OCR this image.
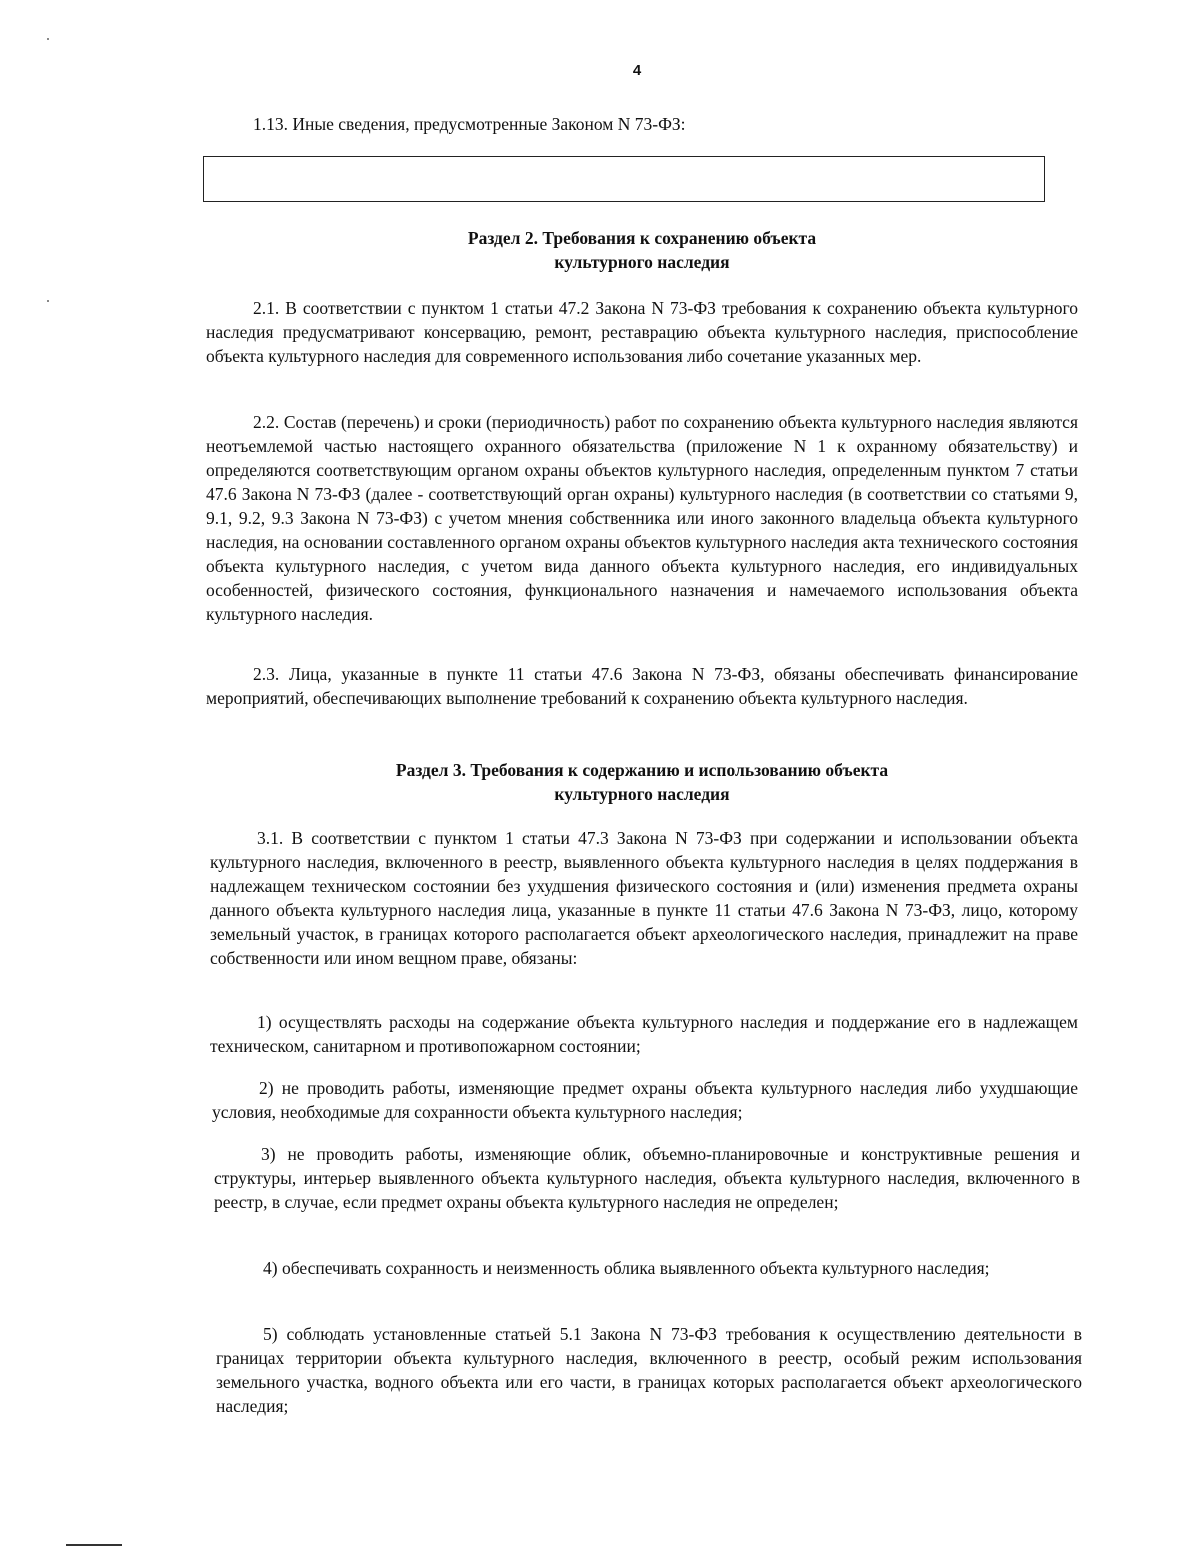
4
1.13. Иные сведения, предусмотренные Законом N 73-ФЗ:
Раздел 2. Требования к сохранению объекта
культурного наследия
2.1. В соответствии с пунктом 1 статьи 47.2 Закона N 73-ФЗ требования к сохранению объекта культурного наследия предусматривают консервацию, ремонт, реставрацию объекта культурного наследия, приспособление объекта культурного наследия для современного использования либо сочетание указанных мер.
2.2. Состав (перечень) и сроки (периодичность) работ по сохранению объекта культурного наследия являются неотъемлемой частью настоящего охранного обязательства (приложение N 1 к охранному обязательству) и определяются соответствующим органом охраны объектов культурного наследия, определенным пунктом 7 статьи 47.6 Закона N 73-ФЗ (далее - соответствующий орган охраны) культурного наследия (в соответствии со статьями 9, 9.1, 9.2, 9.3 Закона N 73-ФЗ) с учетом мнения собственника или иного законного владельца объекта культурного наследия, на основании составленного органом охраны объектов культурного наследия акта технического состояния объекта культурного наследия, с учетом вида данного объекта культурного наследия, его индивидуальных особенностей, физического состояния, функционального назначения и намечаемого использования объекта культурного наследия.
2.3. Лица, указанные в пункте 11 статьи 47.6 Закона N 73-ФЗ, обязаны обеспечивать финансирование мероприятий, обеспечивающих выполнение требований к сохранению объекта культурного наследия.
Раздел 3. Требования к содержанию и использованию объекта
культурного наследия
3.1. В соответствии с пунктом 1 статьи 47.3 Закона N 73-ФЗ при содержании и использовании объекта культурного наследия, включенного в реестр, выявленного объекта культурного наследия в целях поддержания в надлежащем техническом состоянии без ухудшения физического состояния и (или) изменения предмета охраны данного объекта культурного наследия лица, указанные в пункте 11 статьи 47.6 Закона N 73-ФЗ, лицо, которому земельный участок, в границах которого располагается объект археологического наследия, принадлежит на праве собственности или ином вещном праве, обязаны:
1) осуществлять расходы на содержание объекта культурного наследия и поддержание его в надлежащем техническом, санитарном и противопожарном состоянии;
2) не проводить работы, изменяющие предмет охраны объекта культурного наследия либо ухудшающие условия, необходимые для сохранности объекта культурного наследия;
3) не проводить работы, изменяющие облик, объемно-планировочные и конструктивные решения и структуры, интерьер выявленного объекта культурного наследия, объекта культурного наследия, включенного в реестр, в случае, если предмет охраны объекта культурного наследия не определен;
4) обеспечивать сохранность и неизменность облика выявленного объекта культурного наследия;
5) соблюдать установленные статьей 5.1 Закона N 73-ФЗ требования к осуществлению деятельности в границах территории объекта культурного наследия, включенного в реестр, особый режим использования земельного участка, водного объекта или его части, в границах которых располагается объект археологического наследия;
